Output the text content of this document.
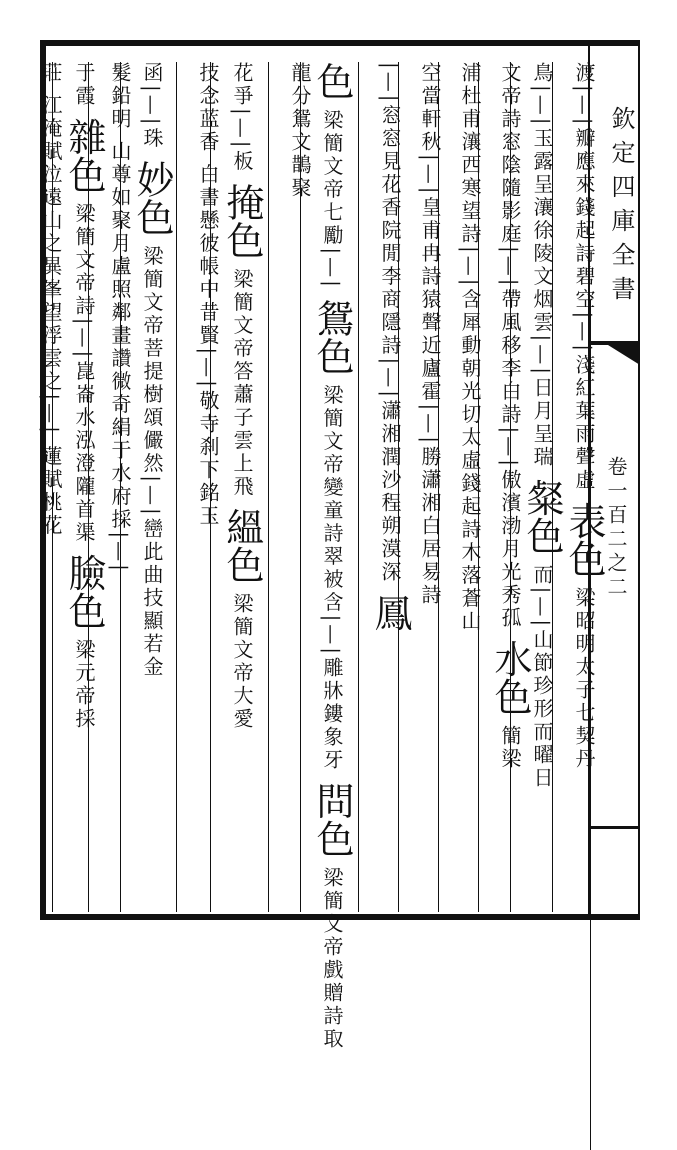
欽定四庫全書
卷一百二之二
渡|—|瓣應來錢起詩碧空|—|淺紅葉雨聲虛 表色 梁昭明太子七契丹
鳥|—|玉露呈瀼徐陵文烟雲|—|日月呈瑞 粲色 而|—|山節珍形而曜日
文帝詩窓陰隨影庭|—|帶風移李白詩|—|傲濱渤月光秀孤 水色 簡梁
浦杜甫瀼西寒望詩|—|含犀動朝光切太虛錢起詩木落蒼山
空當軒秋|—|皇甫冉詩猿聲近廬霍|—|勝瀟湘白居易詩
|—|窓窓見花香院閒李商隱詩|—|瀟湘潤沙程朔漠深 鳳
色 梁簡文帝七勵|—| 鴛色 梁簡文帝變童詩翠被含|—|雕牀鏤象牙 問色 梁簡文帝戲贈詩取
龍分鴛文鵲聚
花爭|—|板 掩色 梁簡文帝答蕭子雲上飛 縕色 梁簡文帝大愛
技念蓝香 白書懸彼帳中昔賢|—|敬寺刹下銘玉
函|—|珠 妙色 梁簡文帝菩提樹頌儼然|—|巒此曲技顯若金
髮鉛明 山尊如聚月盧照鄰畫讚微奇絹于水府採|—|
于霞 雜色 梁簡文帝詩|—|崑崙水泓澄隴首渠 臉色 梁元帝採
莊 江淹賦泣遠山之異峯望浮雲之|—| 蓮賦桃花
